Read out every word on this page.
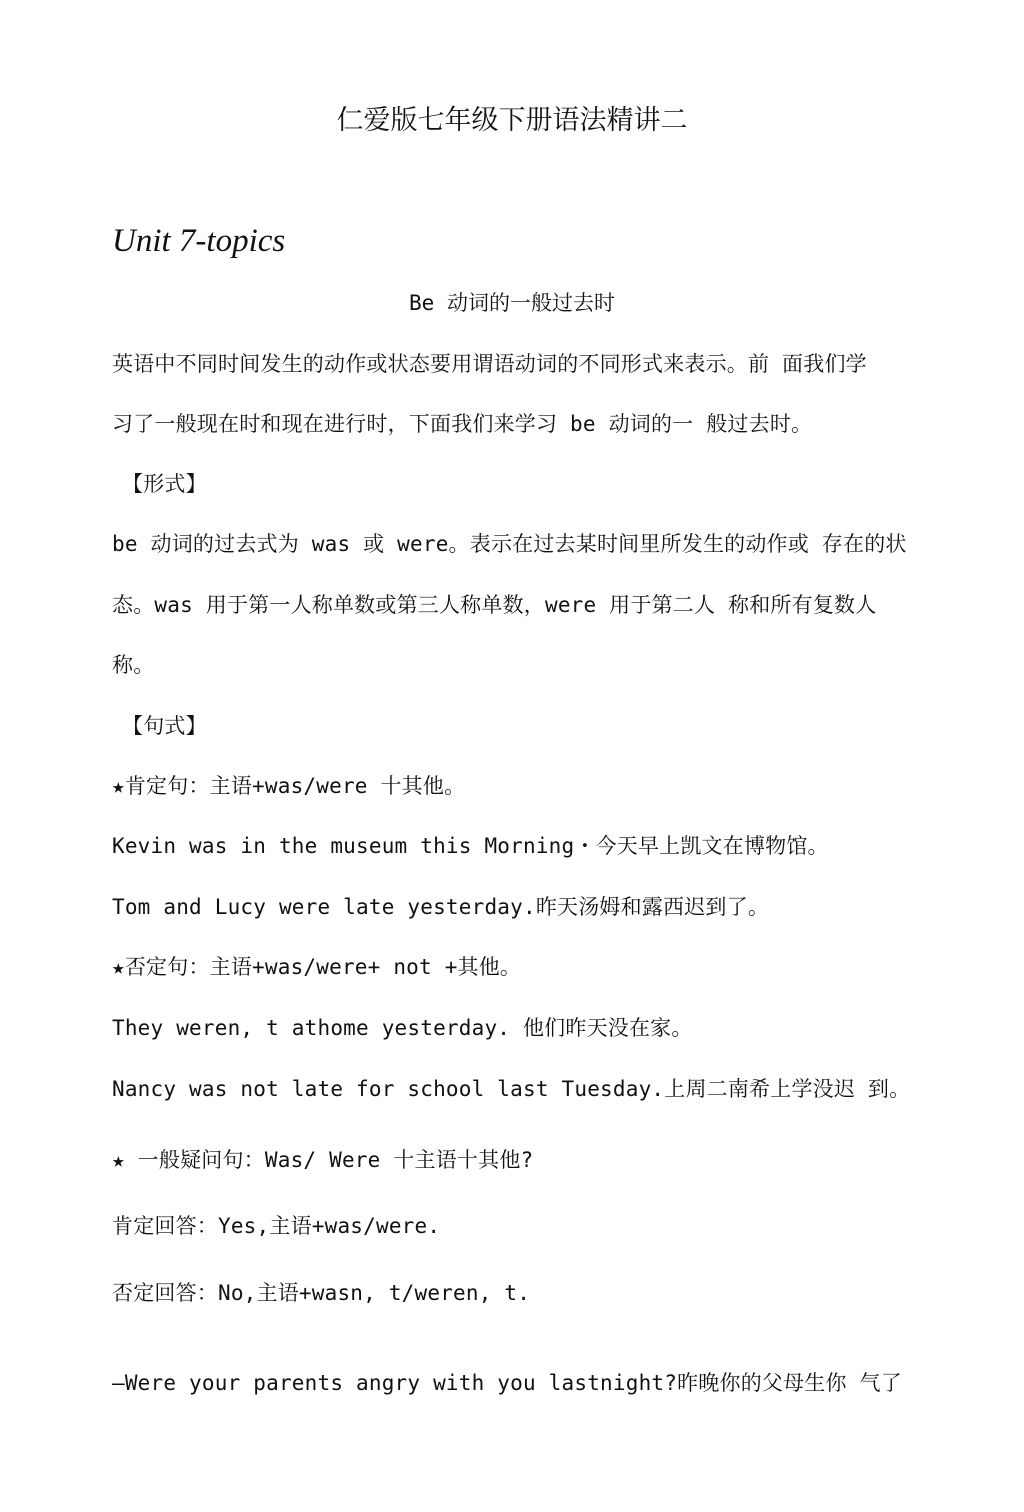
仁爱版七年级下册语法精讲二
Unit 7-topics
Be 动词的一般过去时
英语中不同时间发生的动作或状态要用谓语动词的不同形式来表示。前 面我们学
习了一般现在时和现在进行时，下面我们来学习 be 动词的一 般过去时。
【形式】
be 动词的过去式为 was 或 were。表示在过去某时间里所发生的动作或 存在的状
态。was 用于第一人称单数或第三人称单数，were 用于第二人 称和所有复数人
称。
【句式】
★肯定句：主语+was/were 十其他。
Kevin was in the museum this Morning・今天早上凯文在博物馆。
Tom and Lucy were late yesterday.昨天汤姆和露西迟到了。
★否定句：主语+was/were+ not +其他。
They weren, t athome yesterday. 他们昨天没在家。
Nancy was not late for school last Tuesday.上周二南希上学没迟 到。
★ 一般疑问句：Was/ Were 十主语十其他?
肯定回答：Yes,主语+was/were.
否定回答：No,主语+wasn, t/weren, t.
—Were your parents angry with you lastnight?昨晚你的父母生你 气了
